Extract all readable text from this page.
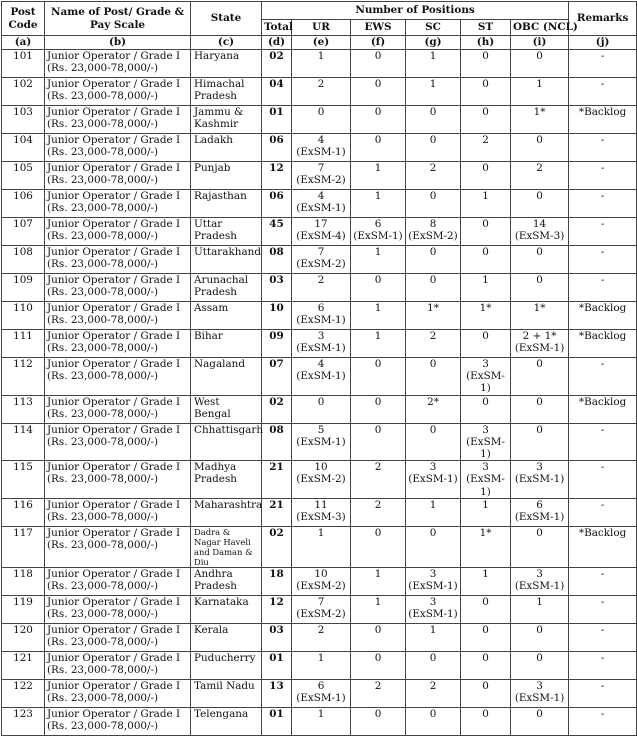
Post Code	Name of Post/ Grade & Pay Scale	State	Number of Positions						Remarks
			Total	UR	EWS	SC	ST	OBC (NCL)	
(a)	(b)	(c)	(d)	(e)	(f)	(g)	(h)	(i)	(j)
101	Junior Operator / Grade I
(Rs. 23,000-78,000/-)	Haryana	02	1	0	1	0	0	-
102	Junior Operator / Grade I
(Rs. 23,000-78,000/-)	Himachal Pradesh	04	2	0	1	0	1	-
103	Junior Operator / Grade I
(Rs. 23,000-78,000/-)	Jammu & Kashmir	01	0	0	0	0	1*	*Backlog
104	Junior Operator / Grade I
(Rs. 23,000-78,000/-)	Ladakh	06	4
(ExSM-1)	0	0	2	0	-
105	Junior Operator / Grade I
(Rs. 23,000-78,000/-)	Punjab	12	7
(ExSM-2)	1	2	0	2	-
106	Junior Operator / Grade I
(Rs. 23,000-78,000/-)	Rajasthan	06	4
(ExSM-1)	1	0	1	0	-
107	Junior Operator / Grade I
(Rs. 23,000-78,000/-)	Uttar Pradesh	45	17
(ExSM-4)	6
(ExSM-1)	8
(ExSM-2)	0	14
(ExSM-3)	-
108	Junior Operator / Grade I
(Rs. 23,000-78,000/-)	Uttarakhand	08	7
(ExSM-2)	1	0	0	0	-
109	Junior Operator / Grade I
(Rs. 23,000-78,000/-)	Arunachal Pradesh	03	2	0	0	1	0	-
110	Junior Operator / Grade I
(Rs. 23,000-78,000/-)	Assam	10	6
(ExSM-1)	1	1*	1*	1*	*Backlog
111	Junior Operator / Grade I
(Rs. 23,000-78,000/-)	Bihar	09	3
(ExSM-1)	1	2	0	2 + 1*
(ExSM-1)	*Backlog
112	Junior Operator / Grade I
(Rs. 23,000-78,000/-)	Nagaland	07	4
(ExSM-1)	0	0	3
(ExSM-1)	0	-
113	Junior Operator / Grade I
(Rs. 23,000-78,000/-)	West Bengal	02	0	0	2*	0	0	*Backlog
114	Junior Operator / Grade I
(Rs. 23,000-78,000/-)	Chhattisgarh	08	5
(ExSM-1)	0	0	3
(ExSM-1)	0	-
115	Junior Operator / Grade I
(Rs. 23,000-78,000/-)	Madhya Pradesh	21	10
(ExSM-2)	2	3
(ExSM-1)	3
(ExSM-1)	3
(ExSM-1)	-
116	Junior Operator / Grade I
(Rs. 23,000-78,000/-)	Maharashtra	21	11
(ExSM-3)	2	1	1	6
(ExSM-1)	-
117	Junior Operator / Grade I
(Rs. 23,000-78,000/-)	Dadra & Nagar Haveli and Daman & Diu	02	1	0	0	1*	0	*Backlog
118	Junior Operator / Grade I
(Rs. 23,000-78,000/-)	Andhra Pradesh	18	10
(ExSM-2)	1	3
(ExSM-1)	1	3
(ExSM-1)	-
119	Junior Operator / Grade I
(Rs. 23,000-78,000/-)	Karnataka	12	7
(ExSM-2)	1	3
(ExSM-1)	0	1	-
120	Junior Operator / Grade I
(Rs. 23,000-78,000/-)	Kerala	03	2	0	1	0	0	-
121	Junior Operator / Grade I
(Rs. 23,000-78,000/-)	Puducherry	01	1	0	0	0	0	-
122	Junior Operator / Grade I
(Rs. 23,000-78,000/-)	Tamil Nadu	13	6
(ExSM-1)	2	2	0	3
(ExSM-1)	-
123	Junior Operator / Grade I
(Rs. 23,000-78,000/-)	Telengana	01	1	0	0	0	0	-
